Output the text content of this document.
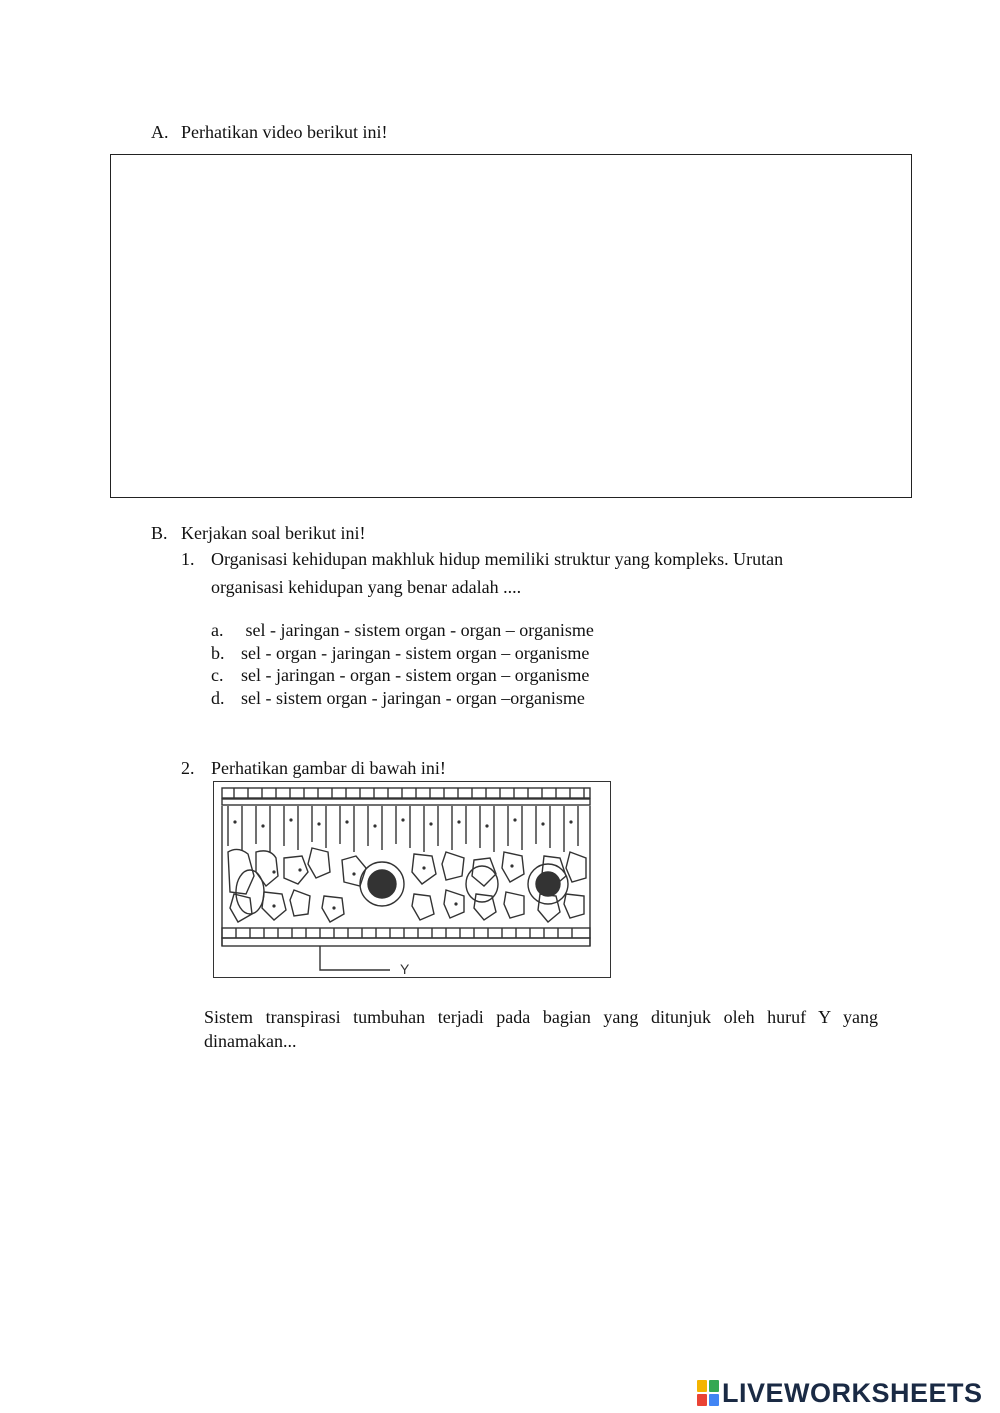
A. Perhatikan video berikut ini!
B. Kerjakan soal berikut ini!
1. Organisasi kehidupan makhluk hidup memiliki struktur yang kompleks. Urutan
organisasi kehidupan yang benar adalah ....
a. sel - jaringan - sistem organ - organ – organisme
b. sel - organ - jaringan - sistem organ – organisme
c. sel - jaringan - organ - sistem organ – organisme
d. sel - sistem organ - jaringan - organ –organisme
2. Perhatikan gambar di bawah ini!
Y
Sistem transpirasi tumbuhan terjadi pada bagian yang ditunjuk oleh huruf Y yang dinamakan...
LIVEWORKSHEETS
